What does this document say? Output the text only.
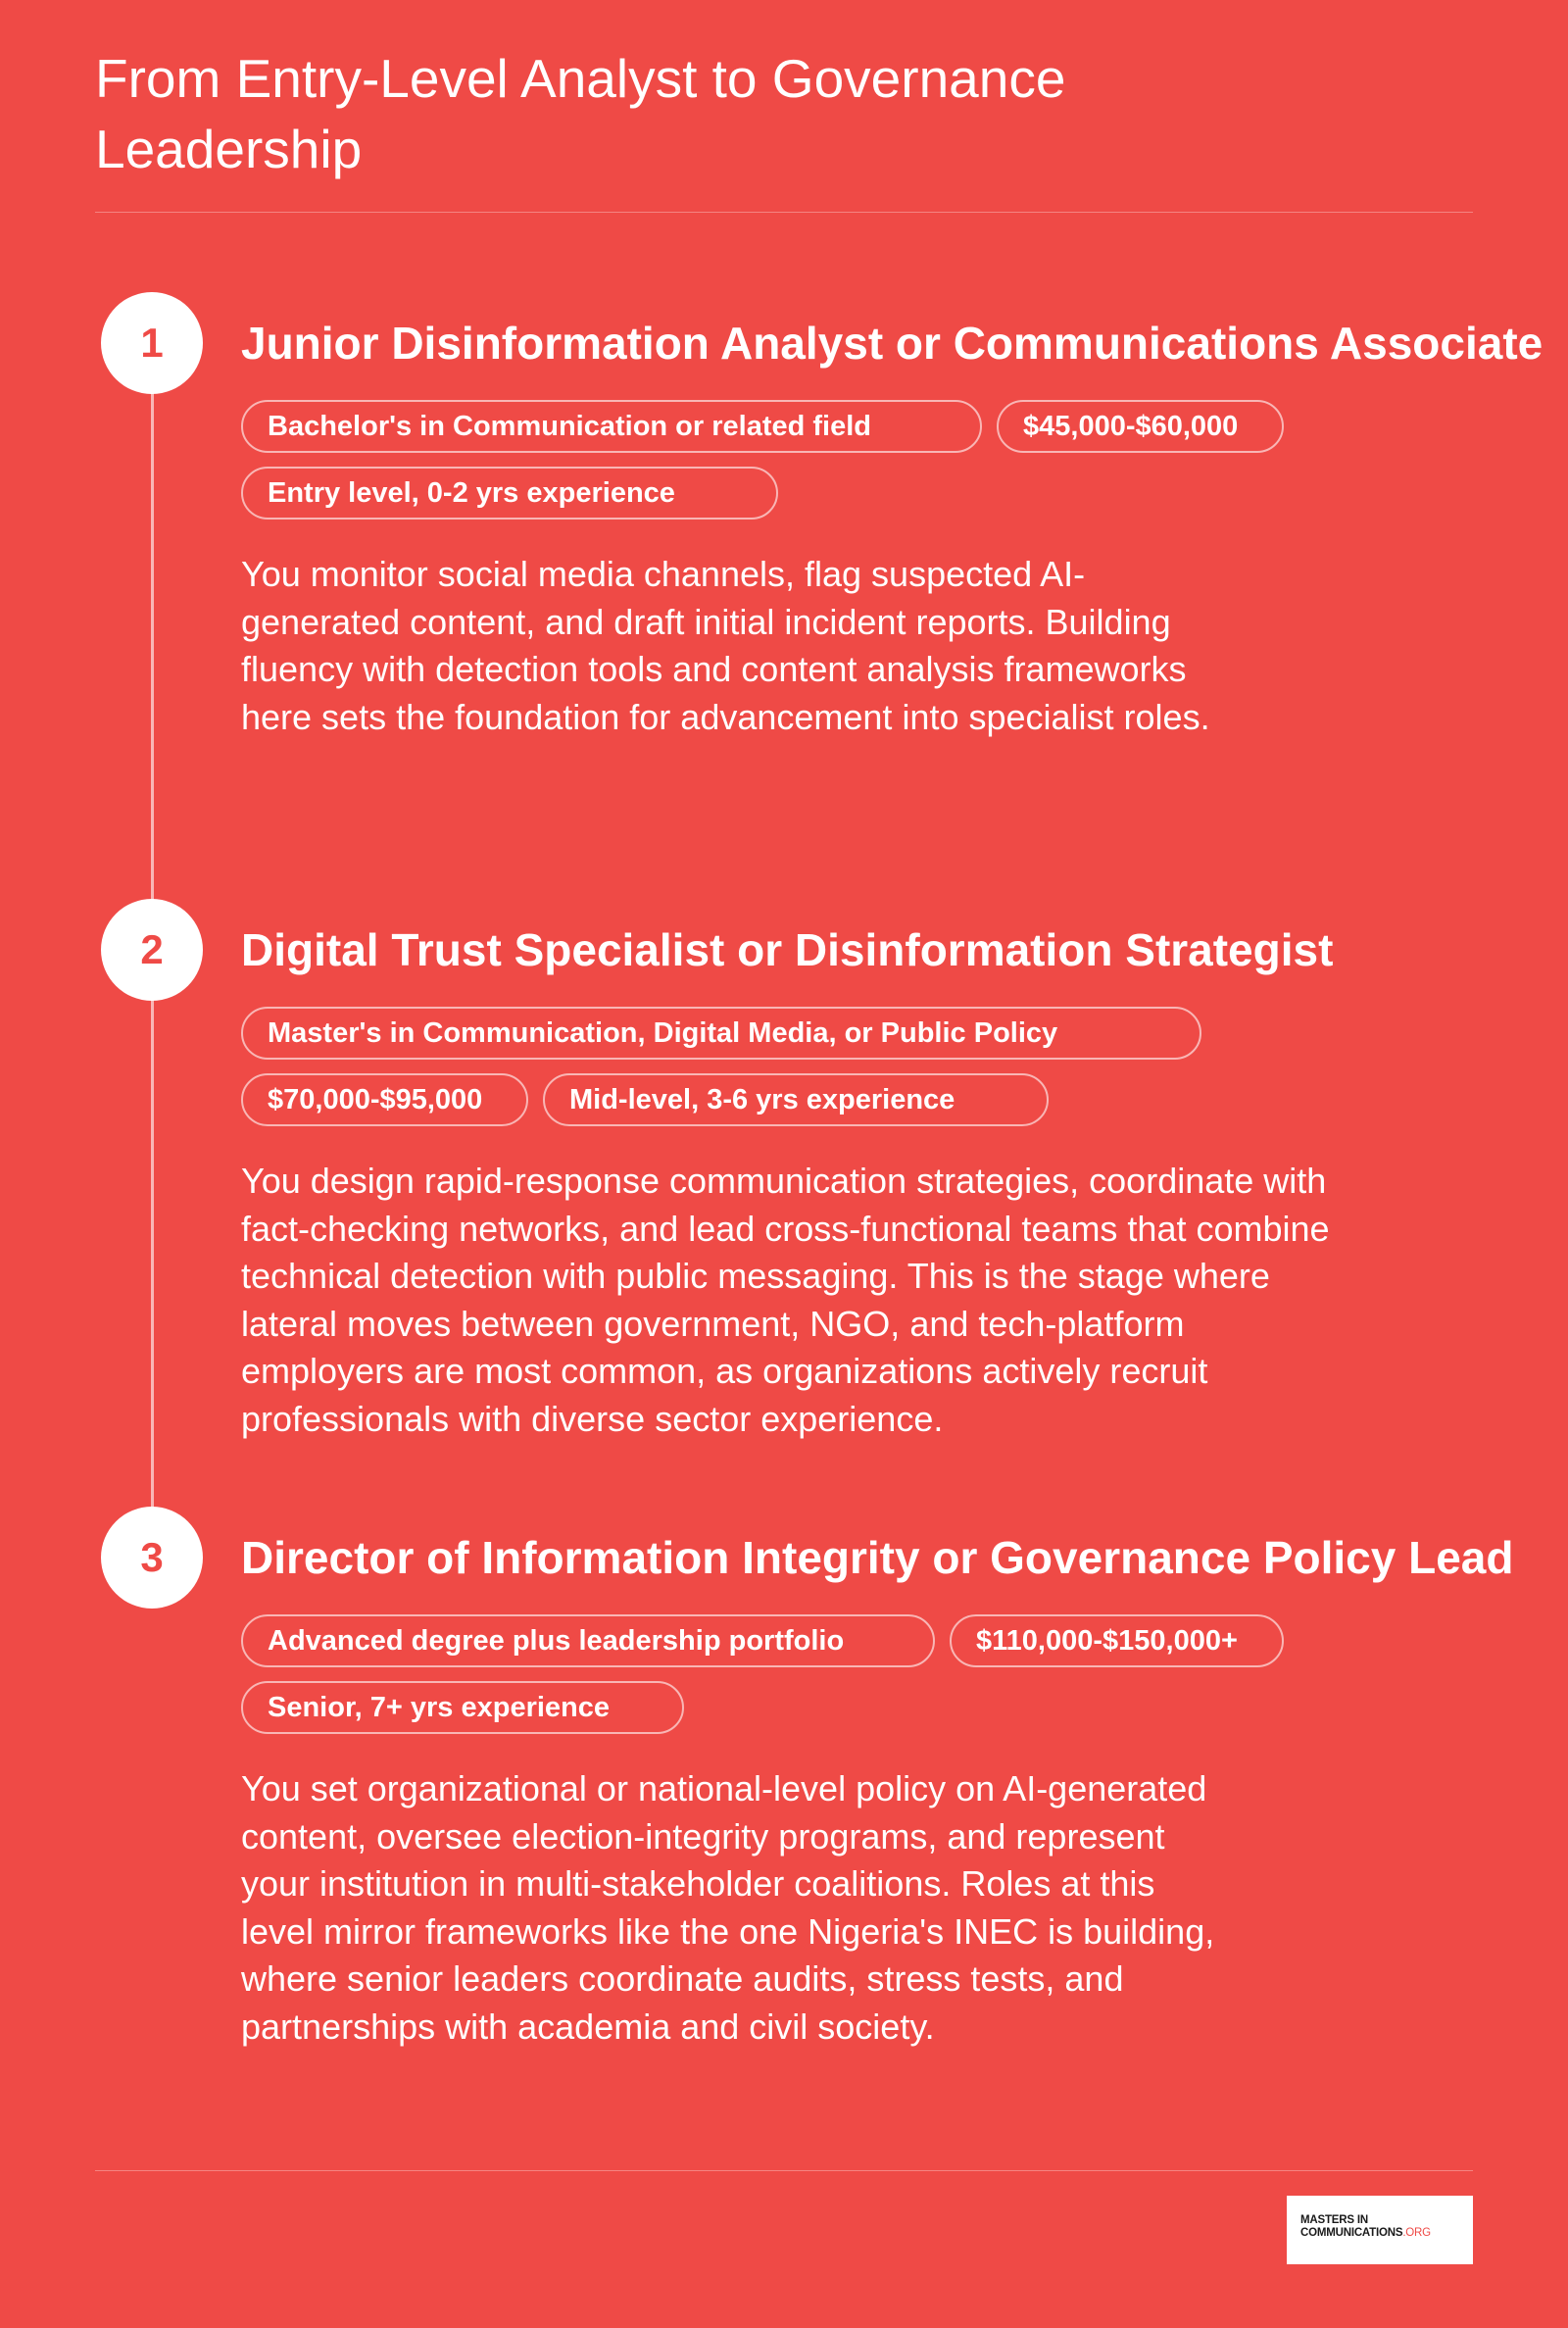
From Entry-Level Analyst to Governance Leadership
1	Junior Disinformation Analyst or Communications Associate
Bachelor's in Communication or related field	$45,000-$60,000
Entry level, 0-2 yrs experience

You monitor social media channels, flag suspected AI-generated content, and draft initial incident reports. Building fluency with detection tools and content analysis frameworks here sets the foundation for advancement into specialist roles.

2	Digital Trust Specialist or Disinformation Strategist
Master's in Communication, Digital Media, or Public Policy
$70,000-$95,000	Mid-level, 3-6 yrs experience

You design rapid-response communication strategies, coordinate with fact-checking networks, and lead cross-functional teams that combine technical detection with public messaging. This is the stage where lateral moves between government, NGO, and tech-platform employers are most common, as organizations actively recruit professionals with diverse sector experience.

3	Director of Information Integrity or Governance Policy Lead
Advanced degree plus leadership portfolio	$110,000-$150,000+
Senior, 7+ yrs experience

You set organizational or national-level policy on AI-generated content, oversee election-integrity programs, and represent your institution in multi-stakeholder coalitions. Roles at this level mirror frameworks like the one Nigeria's INEC is building, where senior leaders coordinate audits, stress tests, and partnerships with academia and civil society.

MASTERS IN
COMMUNICATIONS.ORG
